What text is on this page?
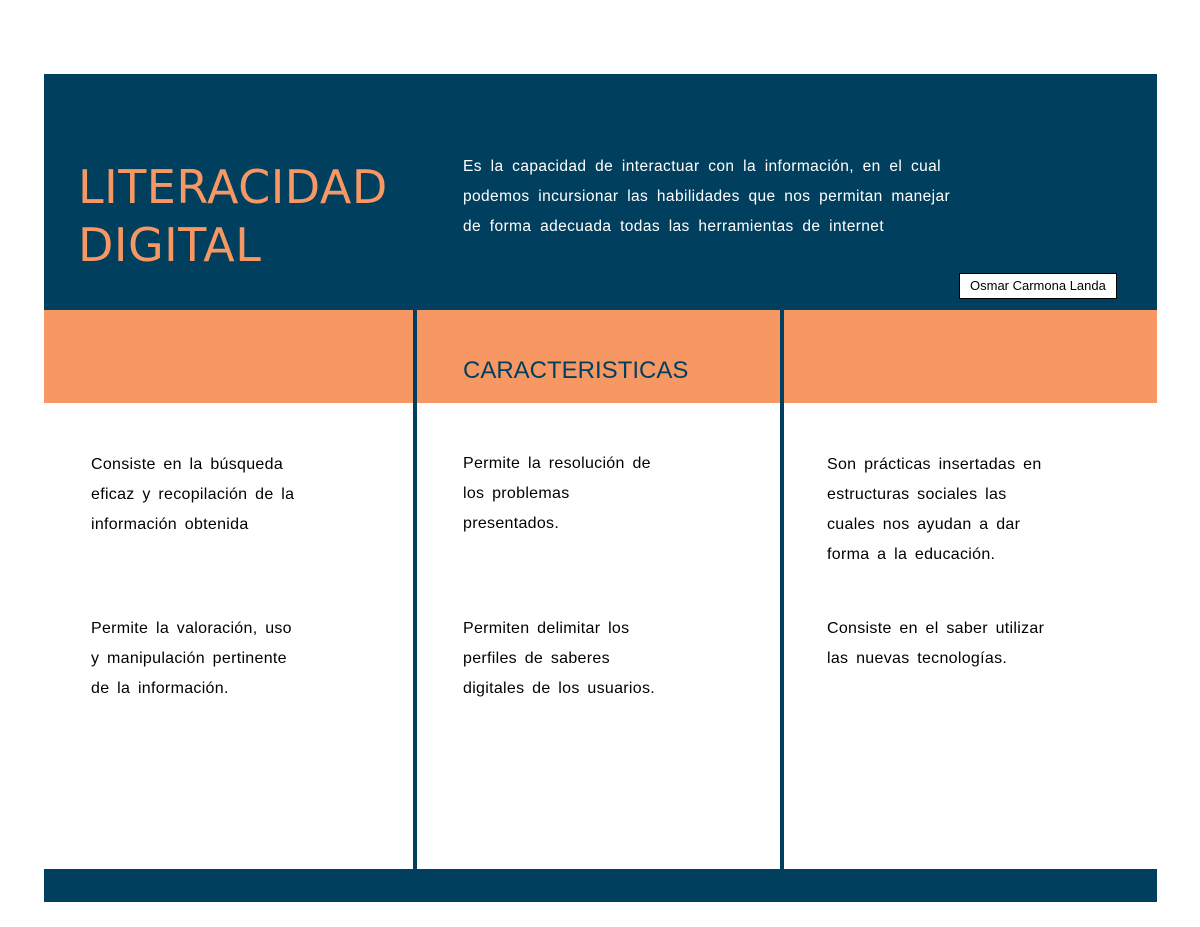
LITERACIDAD
DIGITAL
Es la capacidad de interactuar con la información, en el cual
podemos incursionar las habilidades que nos permitan manejar
de forma adecuada todas las herramientas de internet
Osmar Carmona Landa
CARACTERISTICAS
Consiste en la búsqueda
eficaz y recopilación de la
información obtenida
Permite la valoración, uso
y manipulación pertinente
de la información.
Permite la resolución de
los problemas
presentados.
Permiten delimitar los
perfiles de saberes
digitales de los usuarios.
Son prácticas insertadas en
estructuras sociales las
cuales nos ayudan a dar
forma a la educación.
Consiste en el saber utilizar
las nuevas tecnologías.
